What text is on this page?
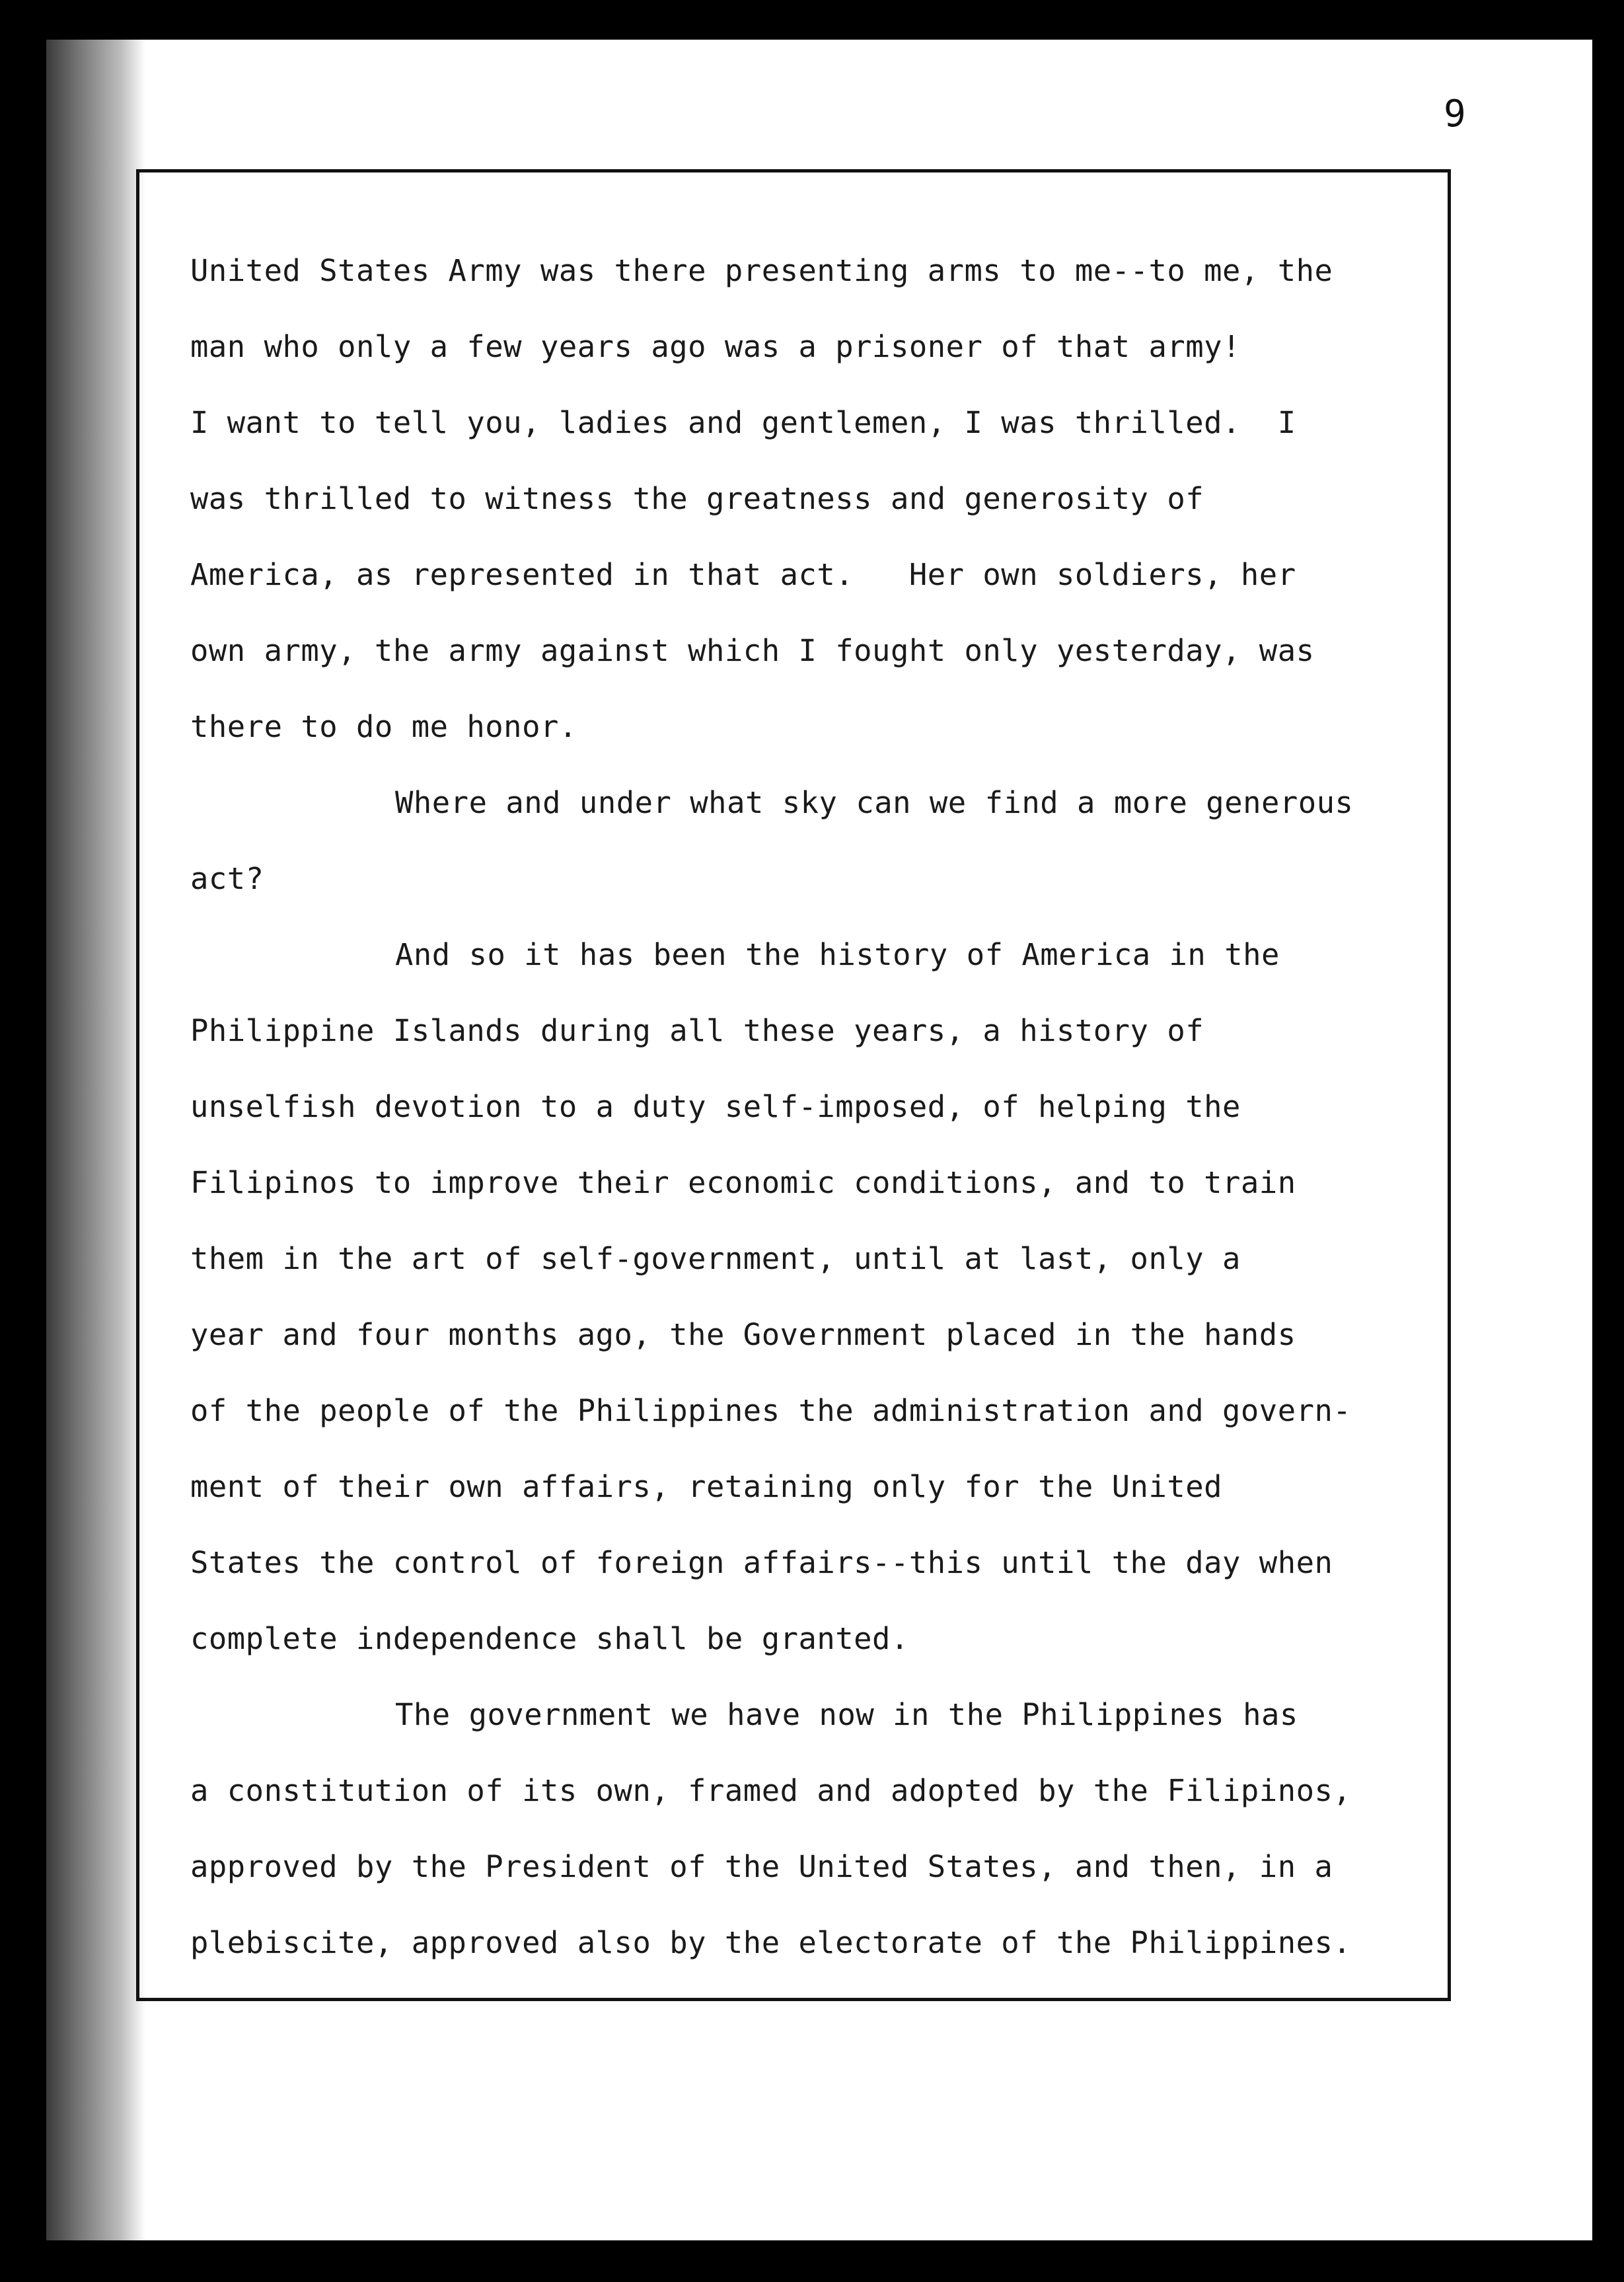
9
United States Army was there presenting arms to me--to me, the
man who only a few years ago was a prisoner of that army!
I want to tell you, ladies and gentlemen, I was thrilled.  I
was thrilled to witness the greatness and generosity of
America, as represented in that act.   Her own soldiers, her
own army, the army against which I fought only yesterday, was
there to do me honor.
Where and under what sky can we find a more generous
act?
And so it has been the history of America in the
Philippine Islands during all these years, a history of
unselfish devotion to a duty self-imposed, of helping the
Filipinos to improve their economic conditions, and to train
them in the art of self-government, until at last, only a
year and four months ago, the Government placed in the hands
of the people of the Philippines the administration and govern-
ment of their own affairs, retaining only for the United
States the control of foreign affairs--this until the day when
complete independence shall be granted.
The government we have now in the Philippines has
a constitution of its own, framed and adopted by the Filipinos,
approved by the President of the United States, and then, in a
plebiscite, approved also by the electorate of the Philippines.
